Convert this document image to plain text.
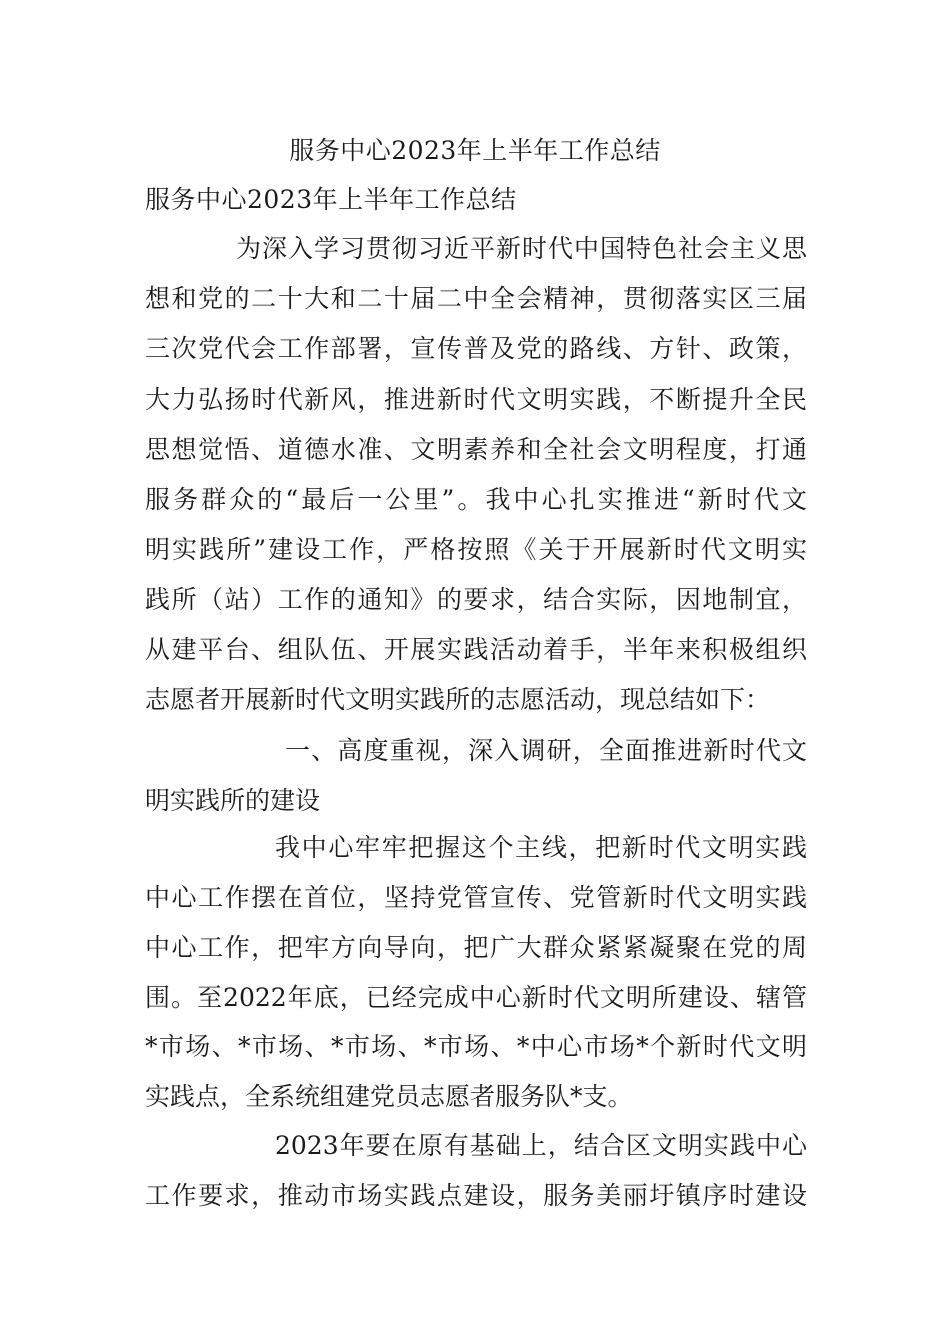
服务中心2023年上半年工作总结
服务中心2023年上半年工作总结
为深入学习贯彻习近平新时代中国特色社会主义思
想和党的二十大和二十届二中全会精神，贯彻落实区三届
三次党代会工作部署，宣传普及党的路线、方针、政策，
大力弘扬时代新风，推进新时代文明实践，不断提升全民
思想觉悟、道德水准、文明素养和全社会文明程度，打通
服务群众的“最后一公里”。我中心扎实推进“新时代文
明实践所”建设工作，严格按照《关于开展新时代文明实
践所（站）工作的通知》的要求，结合实际，因地制宜，
从建平台、组队伍、开展实践活动着手，半年来积极组织
志愿者开展新时代文明实践所的志愿活动，现总结如下：
一、高度重视，深入调研，全面推进新时代文
明实践所的建设
我中心牢牢把握这个主线，把新时代文明实践
中心工作摆在首位，坚持党管宣传、党管新时代文明实践
中心工作，把牢方向导向，把广大群众紧紧凝聚在党的周
围。至2022年底，已经完成中心新时代文明所建设、辖管
*市场、*市场、*市场、*市场、*中心市场*个新时代文明
实践点，全系统组建党员志愿者服务队*支。
2023年要在原有基础上，结合区文明实践中心
工作要求，推动市场实践点建设，服务美丽圩镇序时建设
